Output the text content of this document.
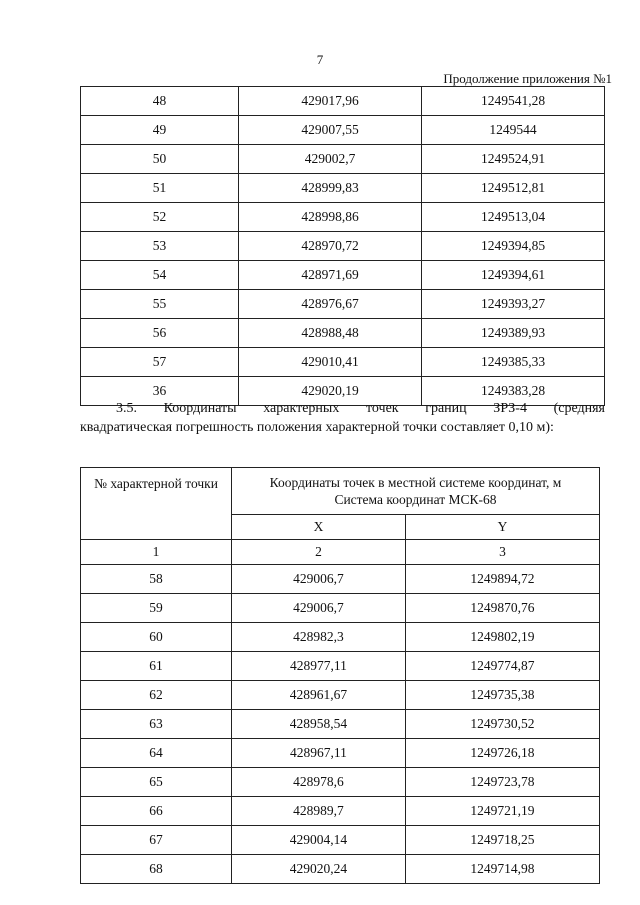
7
Продолжение приложения №1
48	429017,96	1249541,28
49	429007,55	1249544
50	429002,7	1249524,91
51	428999,83	1249512,81
52	428998,86	1249513,04
53	428970,72	1249394,85
54	428971,69	1249394,61
55	428976,67	1249393,27
56	428988,48	1249389,93
57	429010,41	1249385,33
36	429020,19	1249383,28
3.5. Координаты характерных точек границ ЗРЗ-4 (средняя
квадратическая погрешность положения характерной точки составляет 0,10 м):
№ характерной точки	Координаты точек в местной системе координат, м
Система координат МСК-68	
	X	Y
1	2	3
58	429006,7	1249894,72
59	429006,7	1249870,76
60	428982,3	1249802,19
61	428977,11	1249774,87
62	428961,67	1249735,38
63	428958,54	1249730,52
64	428967,11	1249726,18
65	428978,6	1249723,78
66	428989,7	1249721,19
67	429004,14	1249718,25
68	429020,24	1249714,98
